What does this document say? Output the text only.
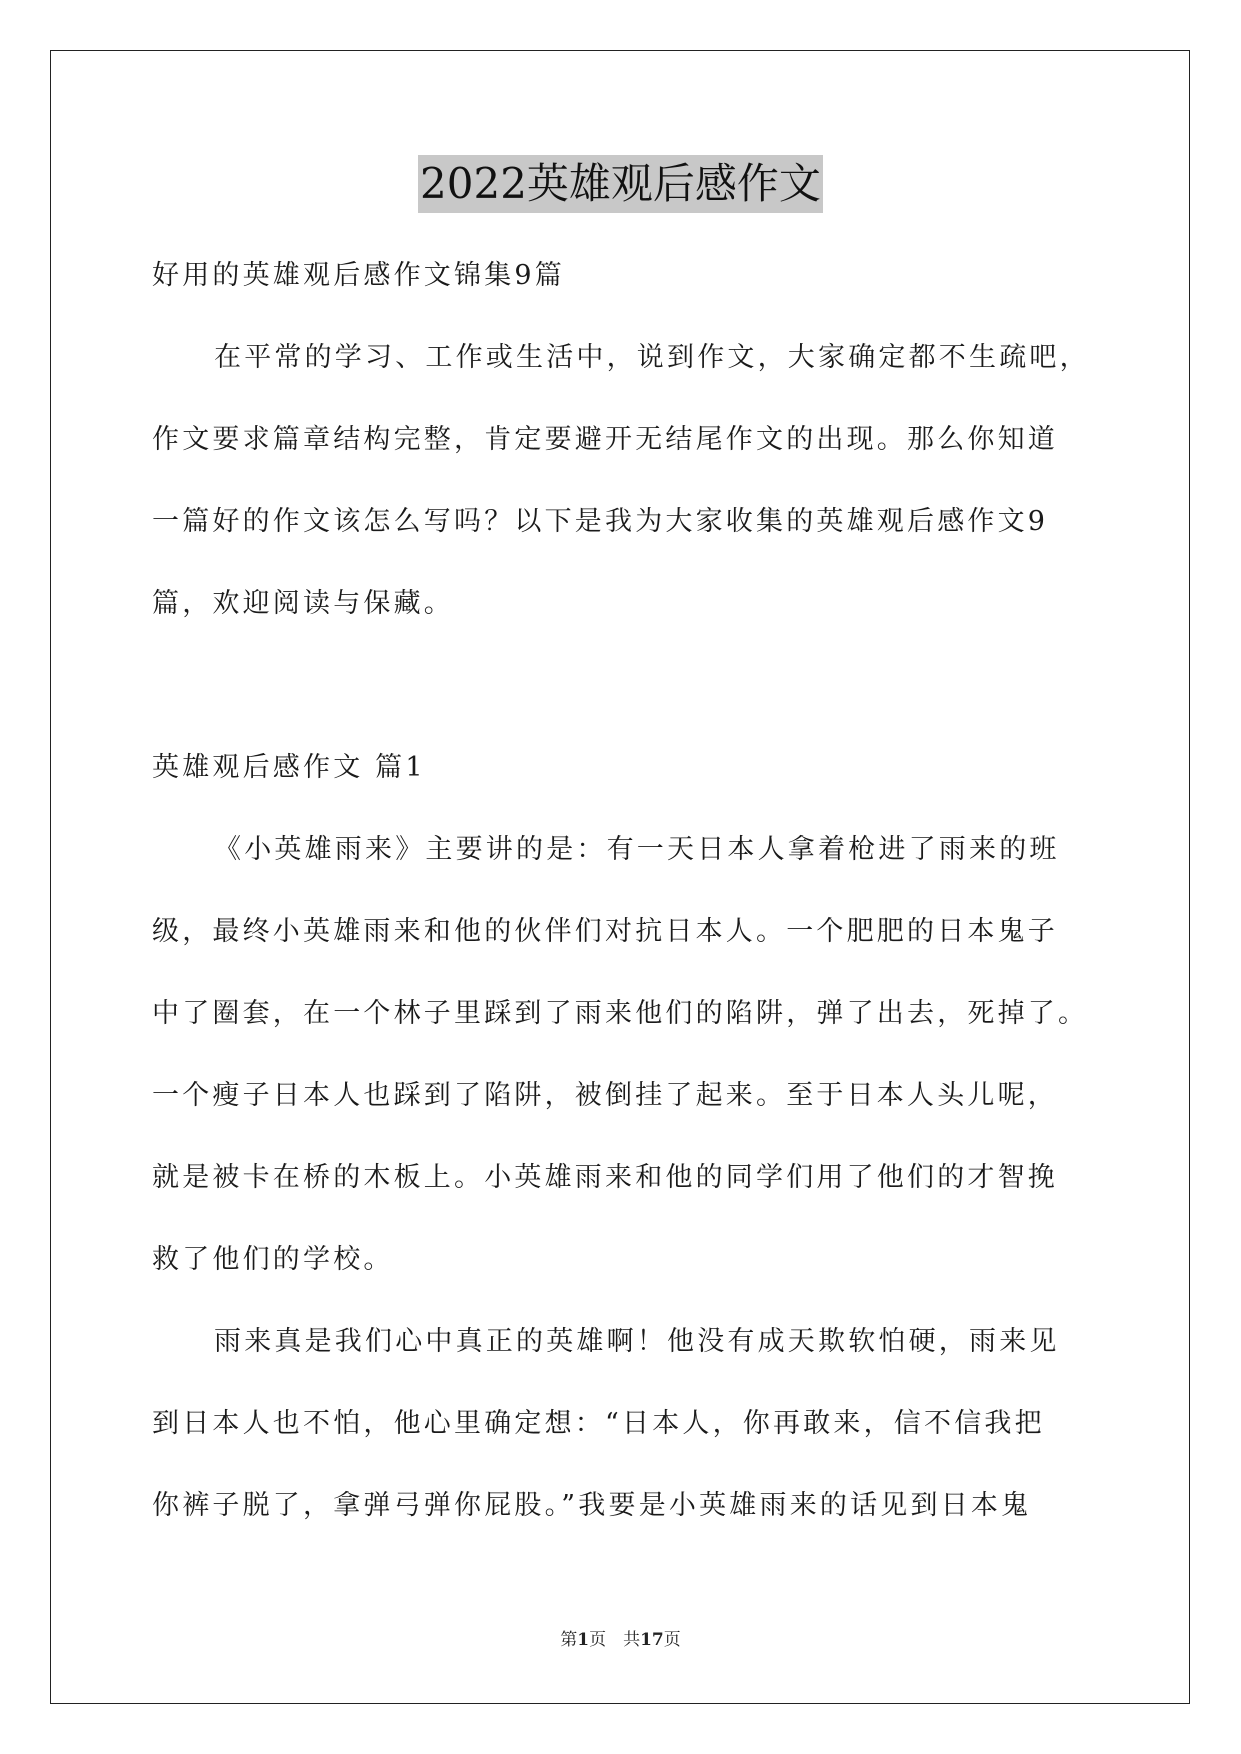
2022英雄观后感作文
好用的英雄观后感作文锦集9篇
在平常的学习、工作或生活中，说到作文，大家确定都不生疏吧，
作文要求篇章结构完整，肯定要避开无结尾作文的出现。那么你知道
一篇好的作文该怎么写吗？以下是我为大家收集的英雄观后感作文9
篇，欢迎阅读与保藏。
英雄观后感作文 篇1
《小英雄雨来》主要讲的是：有一天日本人拿着枪进了雨来的班
级，最终小英雄雨来和他的伙伴们对抗日本人。一个肥肥的日本鬼子
中了圈套，在一个林子里踩到了雨来他们的陷阱，弹了出去，死掉了。
一个瘦子日本人也踩到了陷阱，被倒挂了起来。至于日本人头儿呢，
就是被卡在桥的木板上。小英雄雨来和他的同学们用了他们的才智挽
救了他们的学校。
雨来真是我们心中真正的英雄啊！他没有成天欺软怕硬，雨来见
到日本人也不怕，他心里确定想：“日本人，你再敢来，信不信我把
你裤子脱了，拿弹弓弹你屁股。”我要是小英雄雨来的话见到日本鬼
第1页　共17页
